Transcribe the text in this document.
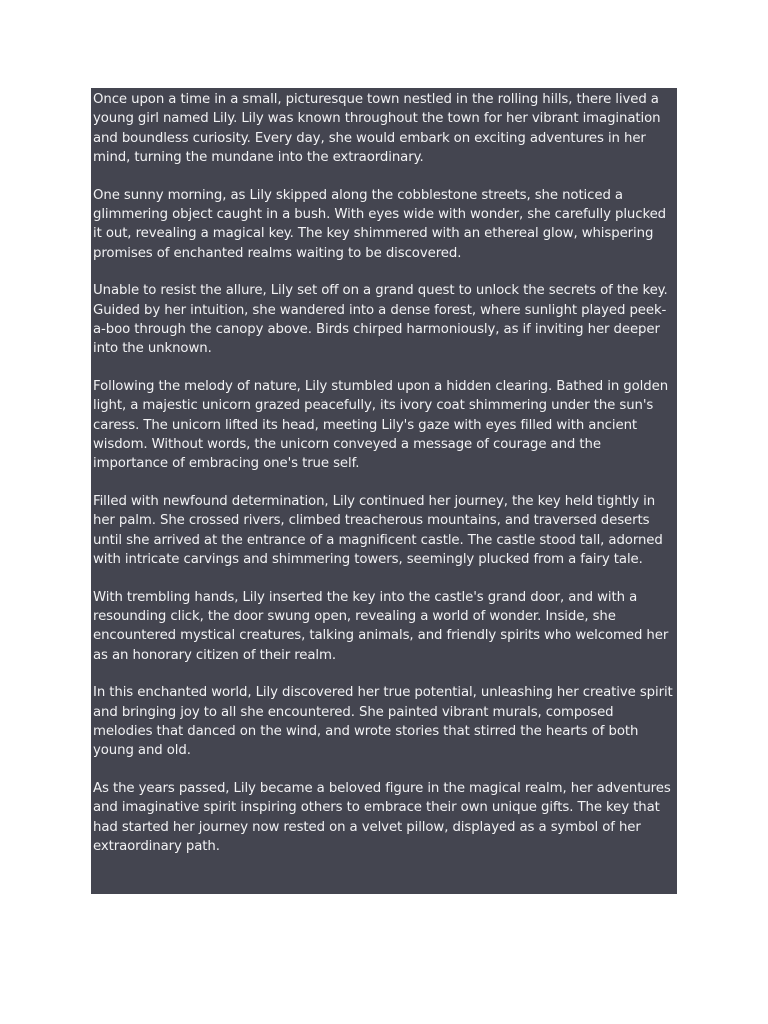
Once upon a time in a small, picturesque town nestled in the rolling hills, there lived a young girl named Lily. Lily was known throughout the town for her vibrant imagination and boundless curiosity. Every day, she would embark on exciting adventures in her mind, turning the mundane into the extraordinary.

One sunny morning, as Lily skipped along the cobblestone streets, she noticed a glimmering object caught in a bush. With eyes wide with wonder, she carefully plucked it out, revealing a magical key. The key shimmered with an ethereal glow, whispering promises of enchanted realms waiting to be discovered.

Unable to resist the allure, Lily set off on a grand quest to unlock the secrets of the key. Guided by her intuition, she wandered into a dense forest, where sunlight played peek-a-boo through the canopy above. Birds chirped harmoniously, as if inviting her deeper into the unknown.

Following the melody of nature, Lily stumbled upon a hidden clearing. Bathed in golden light, a majestic unicorn grazed peacefully, its ivory coat shimmering under the sun's caress. The unicorn lifted its head, meeting Lily's gaze with eyes filled with ancient wisdom. Without words, the unicorn conveyed a message of courage and the importance of embracing one's true self.

Filled with newfound determination, Lily continued her journey, the key held tightly in her palm. She crossed rivers, climbed treacherous mountains, and traversed deserts until she arrived at the entrance of a magnificent castle. The castle stood tall, adorned with intricate carvings and shimmering towers, seemingly plucked from a fairy tale.

With trembling hands, Lily inserted the key into the castle's grand door, and with a resounding click, the door swung open, revealing a world of wonder. Inside, she encountered mystical creatures, talking animals, and friendly spirits who welcomed her as an honorary citizen of their realm.

In this enchanted world, Lily discovered her true potential, unleashing her creative spirit and bringing joy to all she encountered. She painted vibrant murals, composed melodies that danced on the wind, and wrote stories that stirred the hearts of both young and old.

As the years passed, Lily became a beloved figure in the magical realm, her adventures and imaginative spirit inspiring others to embrace their own unique gifts. The key that had started her journey now rested on a velvet pillow, displayed as a symbol of her extraordinary path.
